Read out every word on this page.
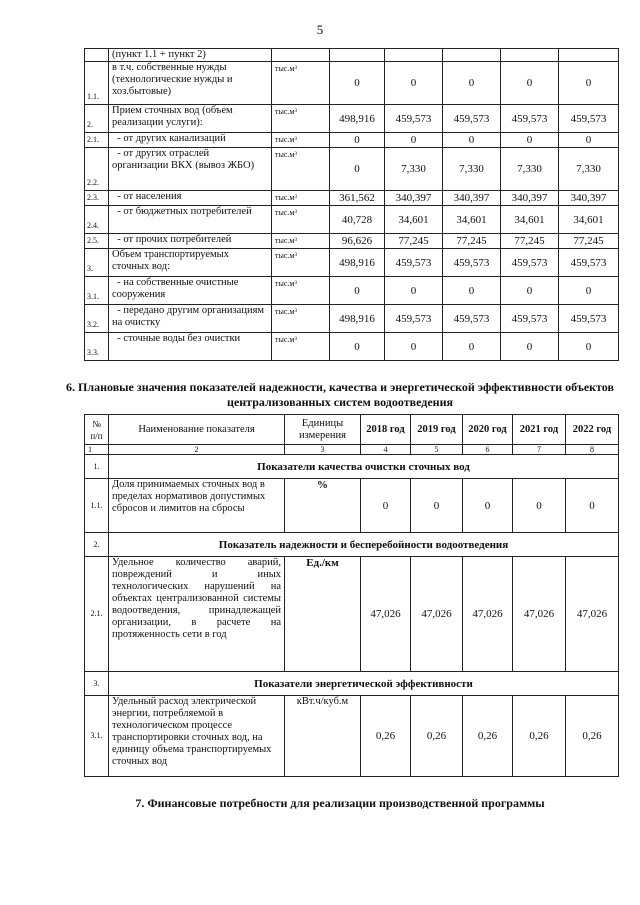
5
	(пункт 1.1 + пункт 2)						
1.1.	в т.ч. собственные нужды (технологические нужды и хоз.бытовые)	тыс.м³	0	0	0	0	0
2.	Прием сточных вод (объем реализации услуги):	тыс.м³	498,916	459,573	459,573	459,573	459,573
2.1.	- от других канализаций	тыс.м³	0	0	0	0	0
2.2.	- от других отраслей организации ВКХ (вывоз ЖБО)	тыс.м³	0	7,330	7,330	7,330	7,330
2.3.	- от населения	тыс.м³	361,562	340,397	340,397	340,397	340,397
2.4.	- от бюджетных потребителей	тыс.м³	40,728	34,601	34,601	34,601	34,601
2.5.	- от прочих потребителей	тыс.м³	96,626	77,245	77,245	77,245	77,245
3.	Объем транспортируемых сточных вод:	тыс.м³	498,916	459,573	459,573	459,573	459,573
3.1.	- на собственные очистные сооружения	тыс.м³	0	0	0	0	0
3.2.	- передано другим организациям на очистку	тыс.м³	498,916	459,573	459,573	459,573	459,573
3.3.	- сточные воды без очистки	тыс.м³	0	0	0	0	0
6. Плановые значения показателей надежности, качества и энергетической эффективности объектов централизованных систем водоотведения
№ п/п	Наименование показателя	Единицы измерения	2018 год	2019 год	2020 год	2021 год	2022 год
1	2	3	4	5	6	7	8
1.	Показатели качества очистки сточных вод						
1.1.	Доля принимаемых сточных вод в пределах нормативов допустимых сбросов и лимитов на сбросы	%	0	0	0	0	0
2.	Показатель надежности и бесперебойности водоотведения						
2.1.	Удельное количество аварий, повреждений и иных технологических нарушений на объектах централизованной системы водоотведения, принадлежащей организации, в расчете на протяженность сети в год	Ед./км	47,026	47,026	47,026	47,026	47,026
3.	Показатели энергетической эффективности						
3.1.	Удельный расход электрической энергии, потребляемой в технологическом процессе транспортировки сточных вод, на единицу объема транспортируемых сточных вод	кВт.ч/куб.м	0,26	0,26	0,26	0,26	0,26
7. Финансовые потребности для реализации производственной программы
